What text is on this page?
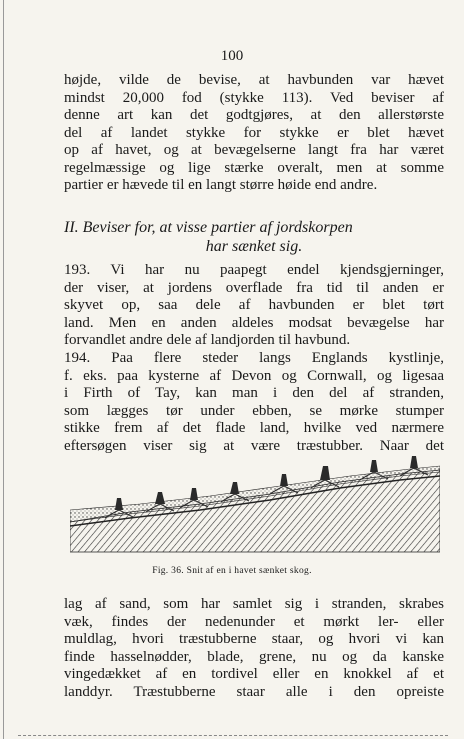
100
højde, vilde de bevise, at havbunden var hævet
mindst 20,000 fod (stykke 113). Ved beviser af
denne art kan det godtgjøres, at den allerstørste
del af landet stykke for stykke er blet hævet
op af havet, og at bevægelserne langt fra har været
regelmæssige og lige stærke overalt, men at somme
partier er hævede til en langt større høide end andre.
II. Beviser for, at visse partier af jordskorpen
har sænket sig.
193. Vi har nu paapegt endel kjendsgjerninger,
der viser, at jordens overflade fra tid til anden er
skyvet op, saa dele af havbunden er blet tørt
land. Men en anden aldeles modsat bevægelse har
forvandlet andre dele af landjorden til havbund.
194. Paa flere steder langs Englands kystlinje,
f. eks. paa kysterne af Devon og Cornwall, og ligesaa
i Firth of Tay, kan man i den del af stranden,
som lægges tør under ebben, se mørke stumper
stikke frem af det flade land, hvilke ved nærmere
eftersøgen viser sig at være træstubber. Naar det
Fig. 36. Snit af en i havet sænket skog.
lag af sand, som har samlet sig i stranden, skrabes
væk, findes der nedenunder et mørkt ler- eller
muldlag, hvori træstubberne staar, og hvori vi kan
finde hasselnødder, blade, grene, nu og da kanske
vingedækket af en tordivel eller en knokkel af et
landdyr. Træstubberne staar alle i den opreiste
